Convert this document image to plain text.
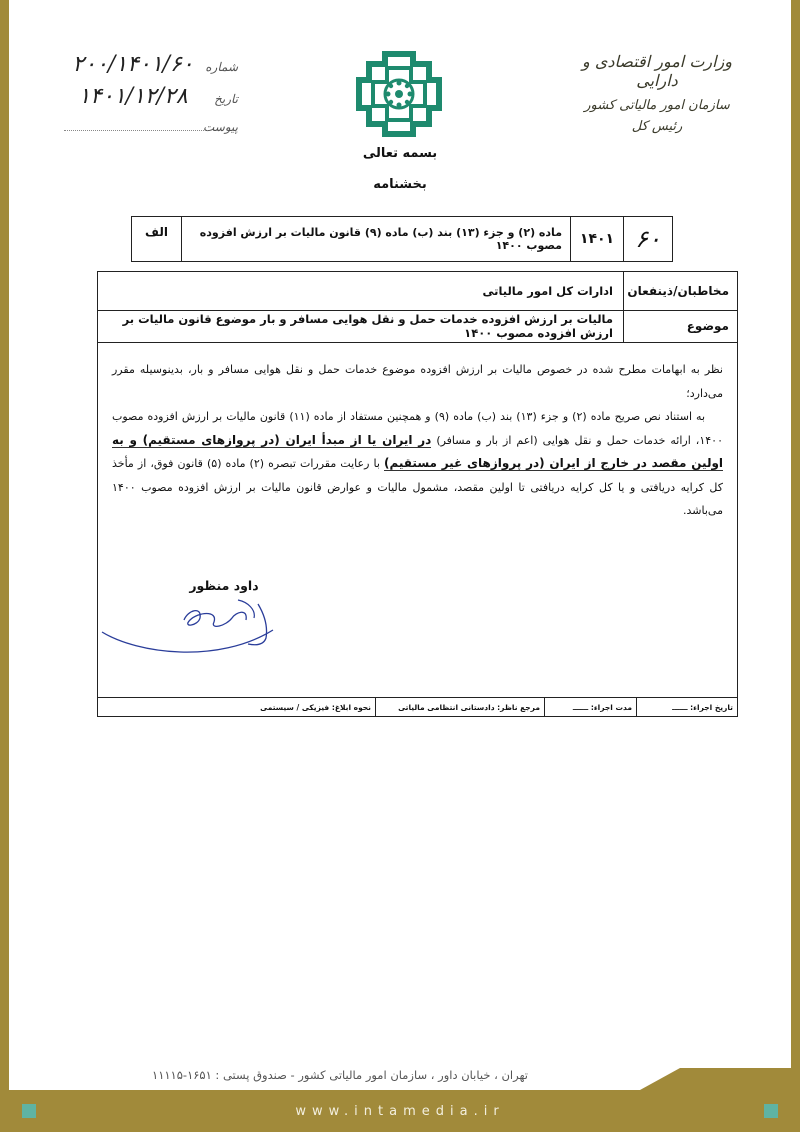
وزارت امور اقتصادی و دارایی
سازمان امور مالیاتی کشور
رئیس کل
شماره
۲۰۰/۱۴۰۱/۶۰
تاریخ
۱۴۰۱/۱۲/۲۸
پیوست
بسمه تعالی
بخشنامه
۶۰
۱۴۰۱
ماده (۲) و جزء (۱۳) بند (ب) ماده (۹) قانون مالیات بر ارزش افزوده مصوب ۱۴۰۰
الف
مخاطبان/ذینفعان
ادارات کل امور مالیاتی
موضوع
مالیات بر ارزش افزوده خدمات حمل و نقل هوایی مسافر و بار موضوع قانون مالیات بر ارزش افزوده مصوب ۱۴۰۰

نظر به ابهامات مطرح شده در خصوص مالیات بر ارزش افزوده موضوع خدمات حمل و نقل هوایی مسافر و بار، بدینوسیله مقرر می‌دارد؛

به استناد نص صریح ماده (۲) و جزء (۱۳) بند (ب) ماده (۹) و همچنین مستفاد از ماده (۱۱) قانون مالیات بر ارزش افزوده مصوب ۱۴۰۰، ارائه خدمات حمل و نقل هوایی (اعم از بار و مسافر) در ایران یا از مبدأ ایران (در پروازهای مستقیم) و به اولین مقصد در خارج از ایران (در پروازهای غیر مستقیم) با رعایت مقررات تبصره (۲) ماده (۵) قانون فوق، از مأخذ کل کرایه دریافتی و یا کل کرایه دریافتی تا اولین مقصد، مشمول مالیات و عوارض قانون مالیات بر ارزش افزوده مصوب ۱۴۰۰ می‌باشد.

داود منظور
تاریخ اجراء: ــــــ
مدت اجراء: ــــــ
مرجع ناظر: دادستانی انتظامی مالیاتی
نحوه ابلاغ: فیزیکی / سیستمی
تهران ، خیابان داور ، سازمان امور مالیاتی کشور - صندوق پستی : ۱۶۵۱-۱۱۱۱۵
www.intamedia.ir
